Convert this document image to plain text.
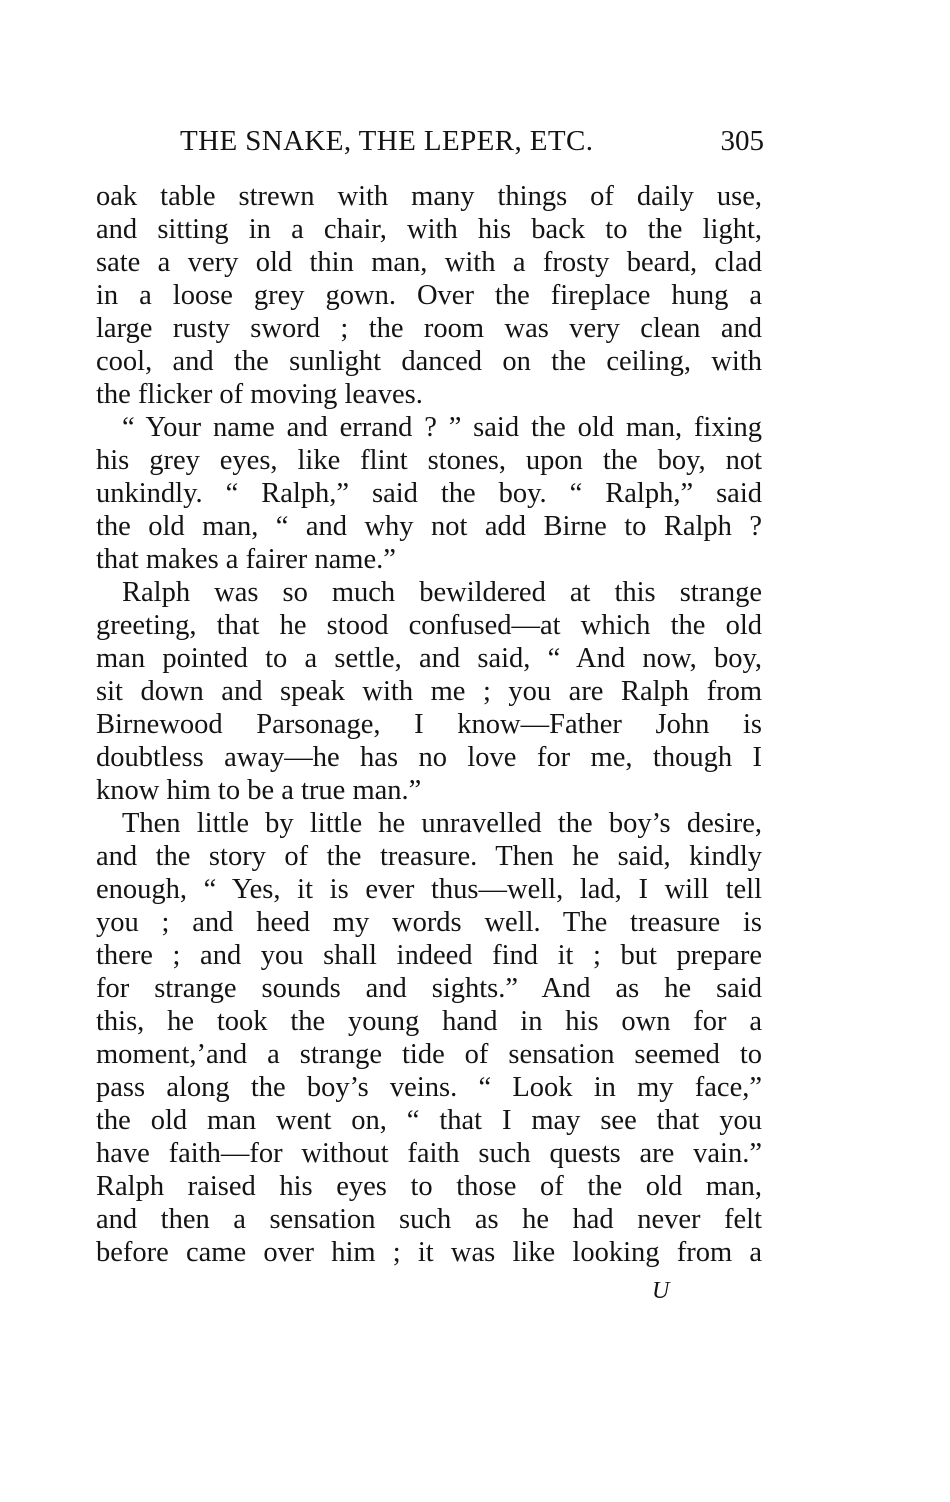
THE SNAKE, THE LEPER, ETC.	305
oak table strewn with many things of daily use,
and sitting in a chair, with his back to the light,
sate a very old thin man, with a frosty beard, clad
in a loose grey gown. Over the fireplace hung a
large rusty sword ; the room was very clean and
cool, and the sunlight danced on the ceiling, with
the flicker of moving leaves.
“ Your name and errand ? ” said the old man, fixing
his grey eyes, like flint stones, upon the boy, not
unkindly. “ Ralph,” said the boy. “ Ralph,” said
the old man, “ and why not add Birne to Ralph ?
that makes a fairer name.”
Ralph was so much bewildered at this strange
greeting, that he stood confused—at which the old
man pointed to a settle, and said, “ And now, boy,
sit down and speak with me ; you are Ralph from
Birnewood Parsonage, I know—Father John is
doubtless away—he has no love for me, though I
know him to be a true man.”
Then little by little he unravelled the boy’s desire,
and the story of the treasure. Then he said, kindly
enough, “ Yes, it is ever thus—well, lad, I will tell
you ; and heed my words well. The treasure is
there ; and you shall indeed find it ; but prepare
for strange sounds and sights.” And as he said
this, he took the young hand in his own for a
moment,’and a strange tide of sensation seemed to
pass along the boy’s veins. “ Look in my face,”
the old man went on, “ that I may see that you
have faith—for without faith such quests are vain.”
Ralph raised his eyes to those of the old man,
and then a sensation such as he had never felt
before came over him ; it was like looking from a
U
